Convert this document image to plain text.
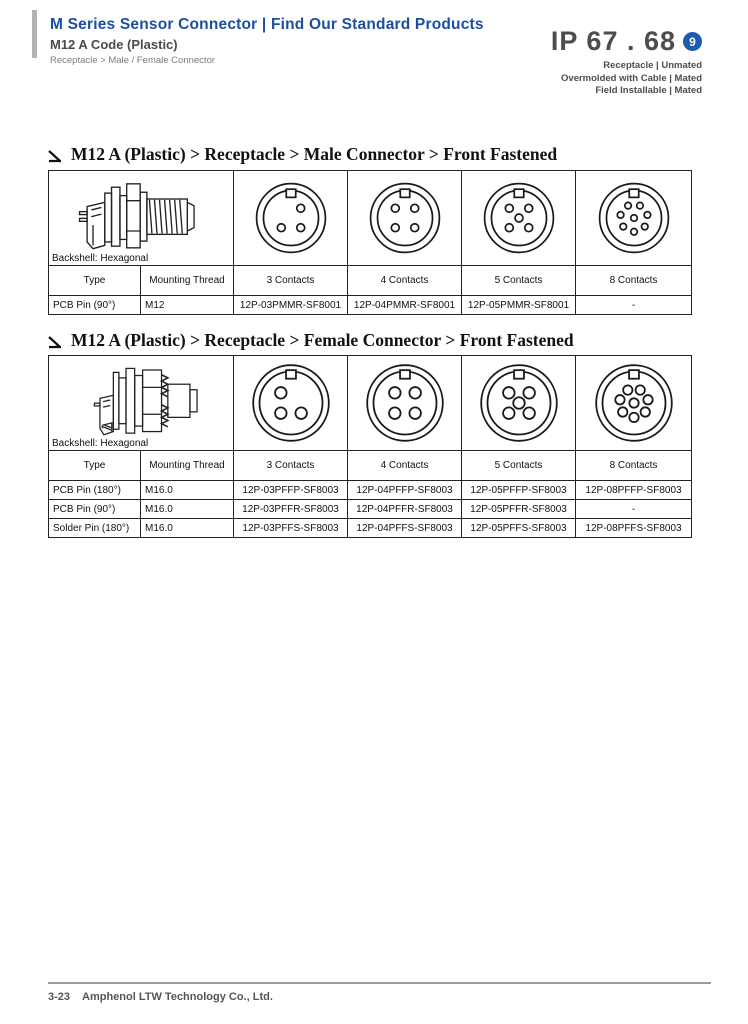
M Series Sensor Connector | Find Our Standard Products
M12 A Code (Plastic)
Receptacle > Male / Female Connector
IP 67 . 68	9
Receptacle | Unmated
Overmolded with Cable | Mated
Field Installable | Mated
M12 A (Plastic) > Receptacle > Male Connector > Front Fastened
Backshell: Hexagonal

Type	Mounting Thread	3 Contacts	4 Contacts	5 Contacts	8 Contacts
PCB Pin (90°)	M12	12P-03PMMR-SF8001	12P-04PMMR-SF8001	12P-05PMMR-SF8001	-
M12 A (Plastic) > Receptacle > Female Connector > Front Fastened
Backshell: Hexagonal

Type	Mounting Thread	3 Contacts	4 Contacts	5 Contacts	8 Contacts
PCB Pin (180°)	M16.0	12P-03PFFP-SF8003	12P-04PFFP-SF8003	12P-05PFFP-SF8003	12P-08PFFP-SF8003
PCB Pin (90°)	M16.0	12P-03PFFR-SF8003	12P-04PFFR-SF8003	12P-05PFFR-SF8003	-
Solder Pin (180°)	M16.0	12P-03PFFS-SF8003	12P-04PFFS-SF8003	12P-05PFFS-SF8003	12P-08PFFS-SF8003
3-23 Amphenol LTW Technology Co., Ltd.
